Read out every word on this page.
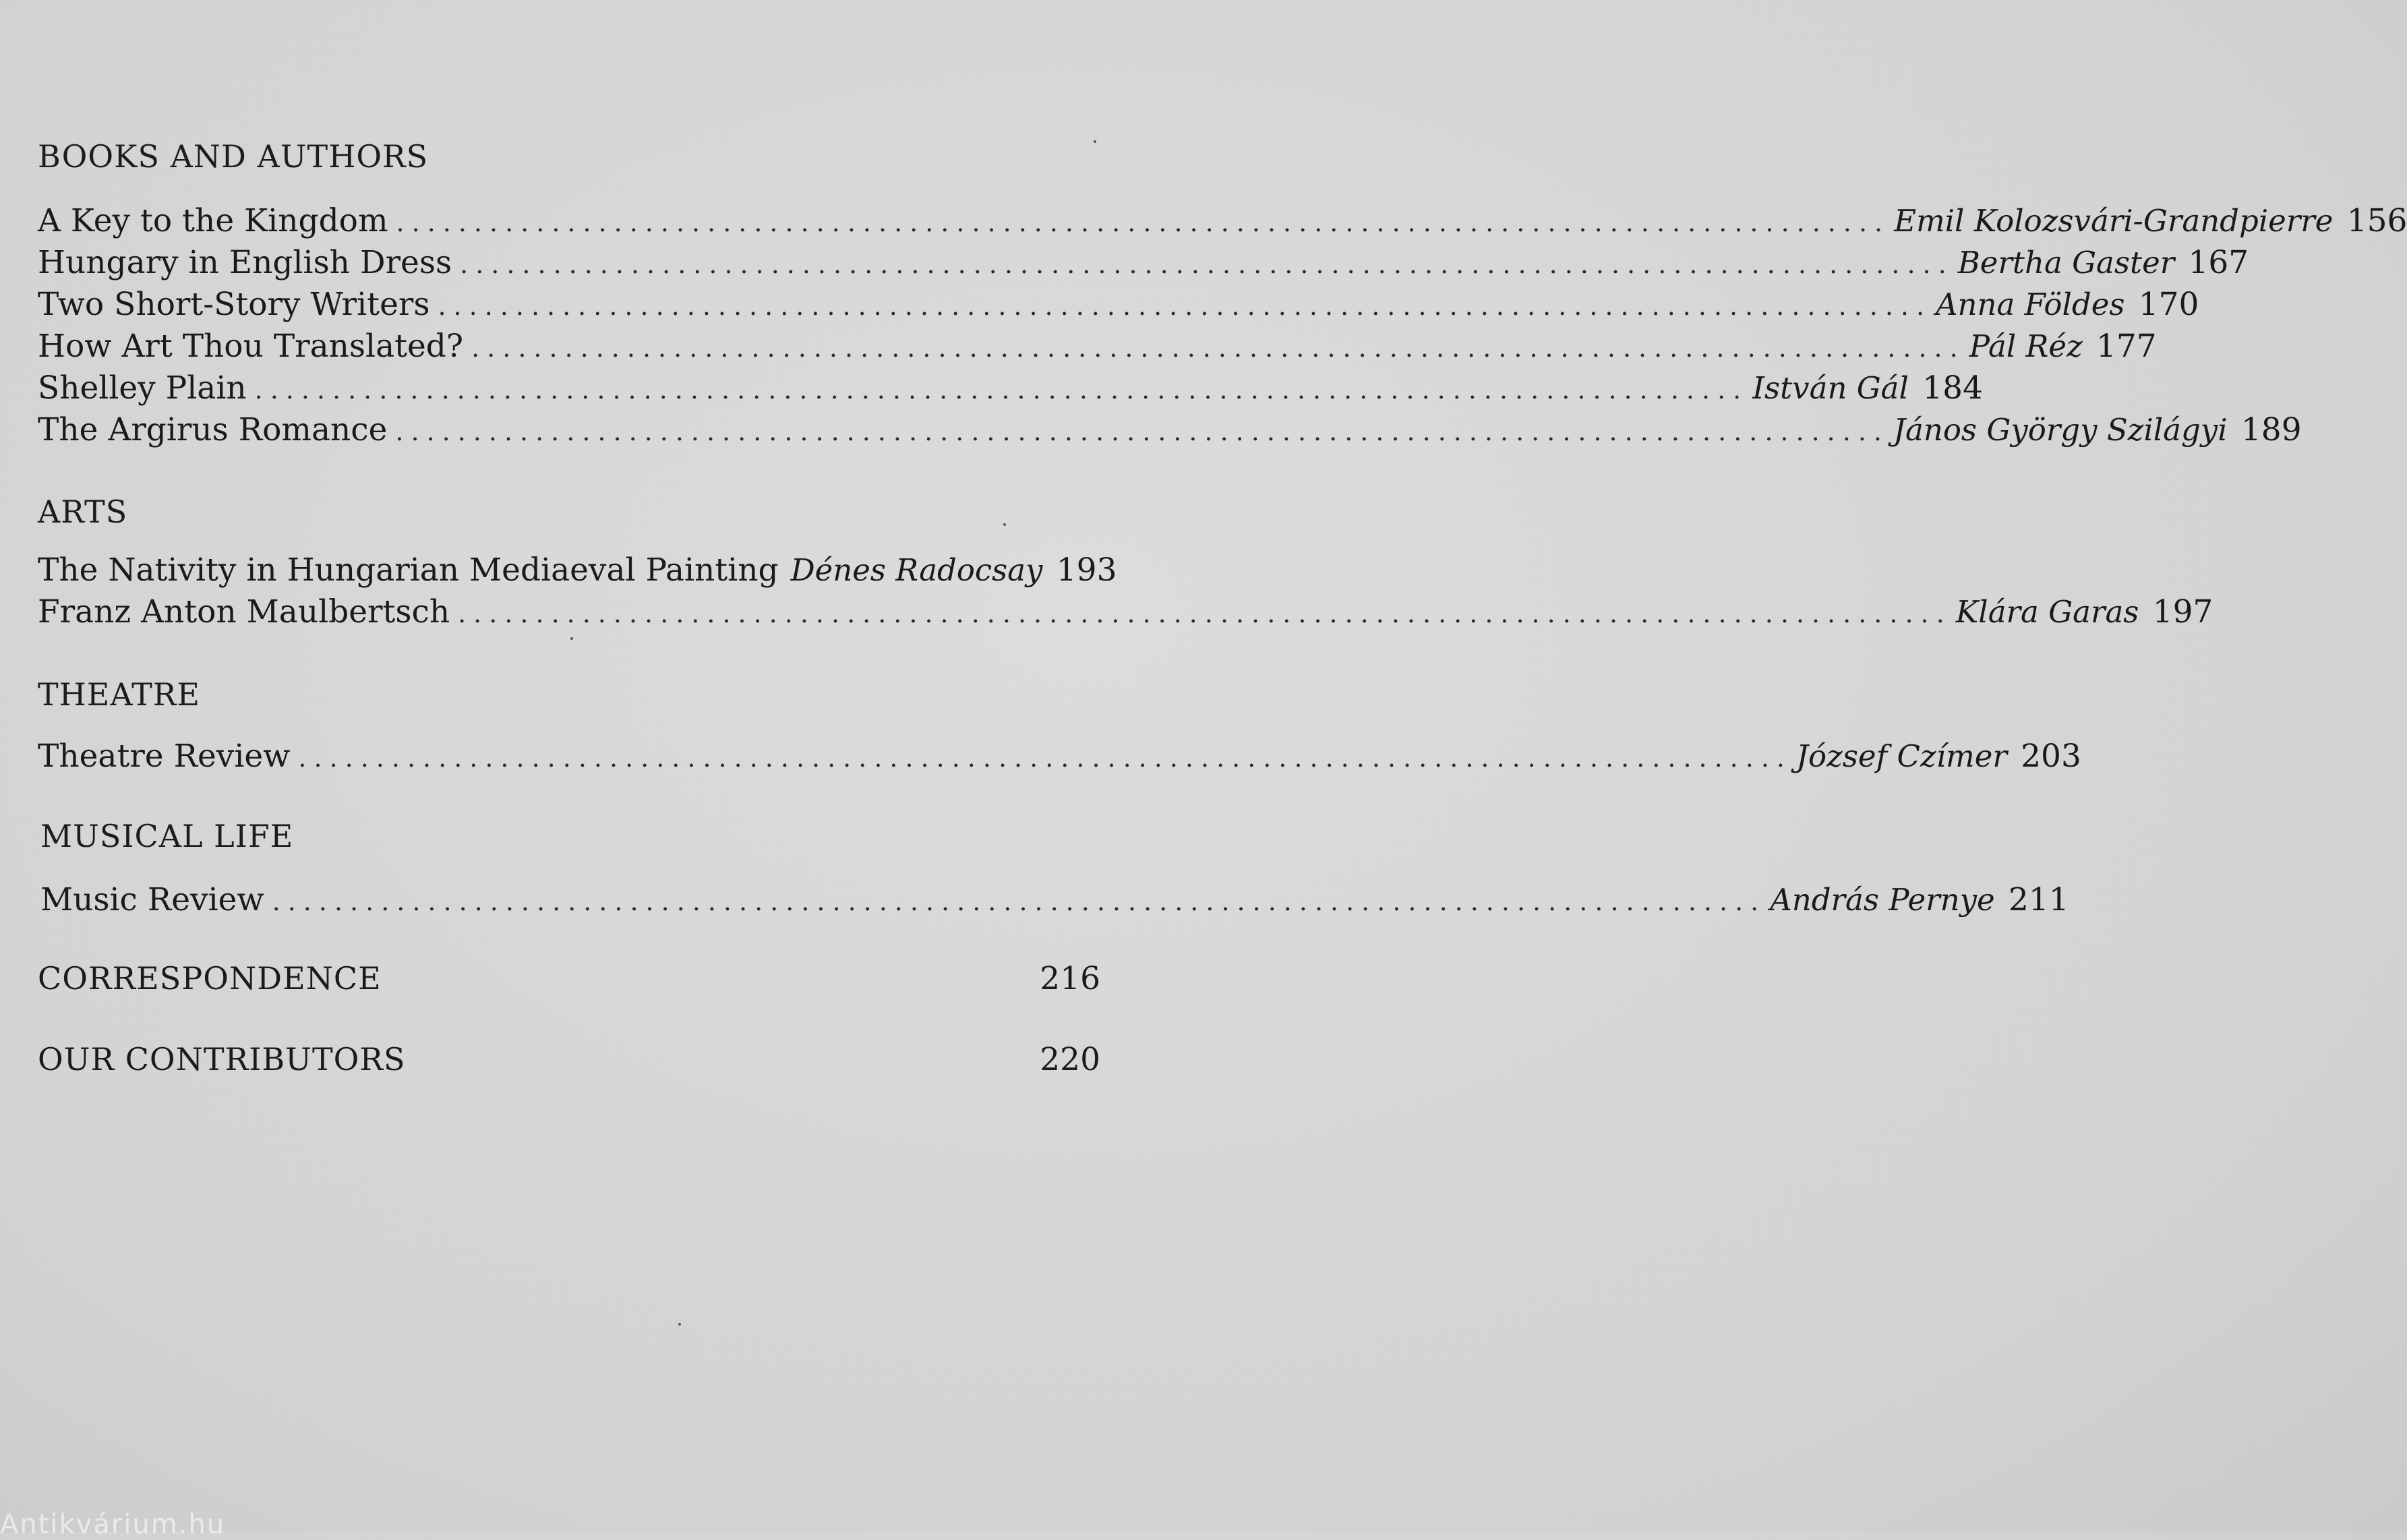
BOOKS AND AUTHORS
A Key to the Kingdom ................................................................................................ Emil Kolozsvári-Grandpierre 156
Hungary in English Dress ................................................................................................ Bertha Gaster 167
Two Short-Story Writers ................................................................................................ Anna Földes 170
How Art Thou Translated? ................................................................................................ Pál Réz 177
Shelley Plain ................................................................................................ István Gál 184
The Argirus Romance ................................................................................................ János György Szilágyi 189
ARTS
The Nativity in Hungarian Mediaeval Painting Dénes Radocsay 193
Franz Anton Maulbertsch ................................................................................................ Klára Garas 197
THEATRE
Theatre Review ................................................................................................ József Czímer 203
MUSICAL LIFE
Music Review ................................................................................................ András Pernye 211
CORRESPONDENCE	216
OUR CONTRIBUTORS	220
Antikvárium.hu
